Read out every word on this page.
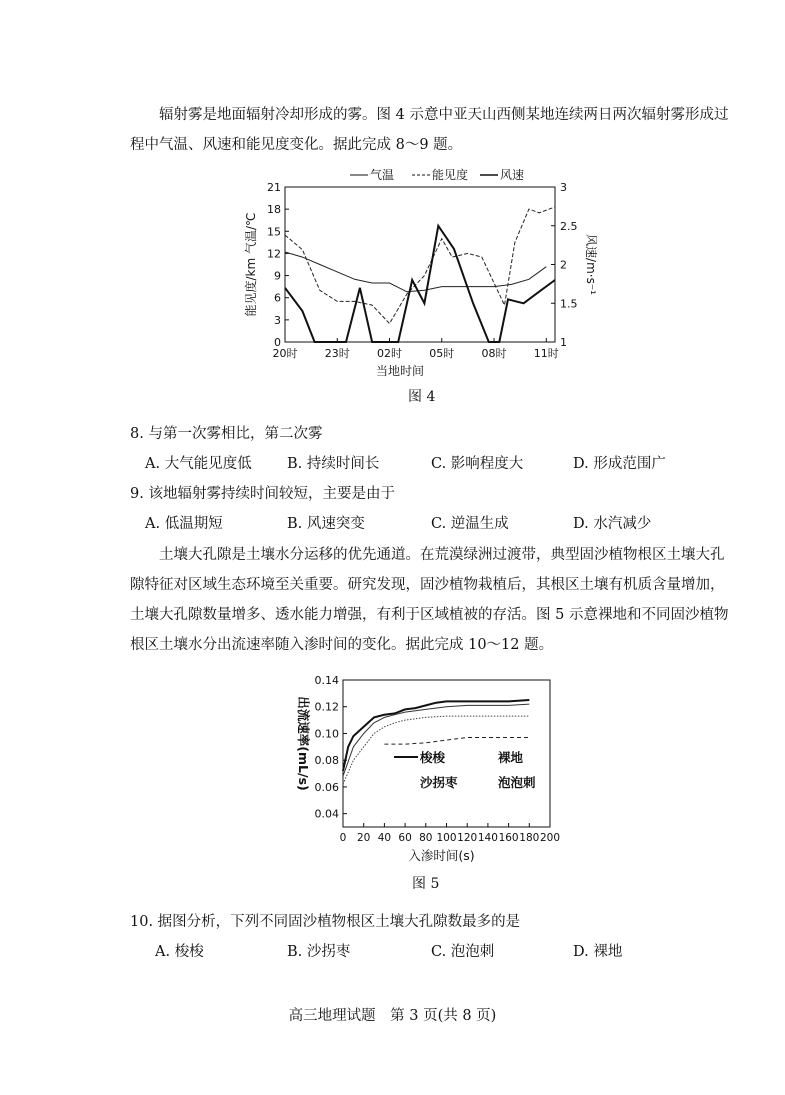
辐射雾是地面辐射冷却形成的雾。图 4 示意中亚天山西侧某地连续两日两次辐射雾形成过程中气温、风速和能见度变化。据此完成 8～9 题。

0
3
6
9
12
15
18
21
1
1.5
2
2.5
3
20时 23时 02时 05时 08时 11时
当地时间
能见度/km 气温/℃	风速/m·s⁻¹
气温	能见度	风速
图 4

8. 与第一次雾相比，第二次雾

A. 大气能见度低 B. 持续时间长	C. 影响程度大	D. 形成范围广

9. 该地辐射雾持续时间较短，主要是由于

A. 低温期短	B. 风速突变	C. 逆温生成	D. 水汽减少

土壤大孔隙是土壤水分运移的优先通道。在荒漠绿洲过渡带，典型固沙植物根区土壤大孔隙特征对区域生态环境至关重要。研究发现，固沙植物栽植后，其根区土壤有机质含量增加，土壤大孔隙数量增多、透水能力增强，有利于区域植被的存活。图 5 示意裸地和不同固沙植物根区土壤水分出流速率随入渗时间的变化。据此完成 10～12 题。

0.04
0.06
0.08
0.10
0.12
0.14
0 20 40 60 80 100 120 140 160 180 200
入渗时间(s)
出流速率(mL/s)	梭梭	裸地
沙拐枣	泡泡刺
图 5

10. 据图分析，下列不同固沙植物根区土壤大孔隙数最多的是

A. 梭梭	B. 沙拐枣	C. 泡泡刺	D. 裸地
高三地理试题　第 3 页(共 8 页)
